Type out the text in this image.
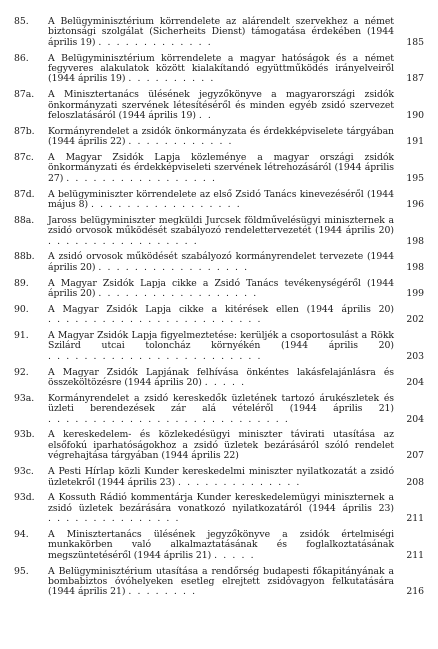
85.	A Belügyminisztérium körrendelete az alárendelt szervekhez a német biztonsági szolgálat (Sicherheits Dienst) támogatása érdekében (1944 április 19) . . . . . . . . . . . . .	185
86.	A Belügyminisztérium körrendelete a magyar hatóságok és a német fegyveres alakulatok között kialakítandó együttműködés irányelveiről (1944 április 19) . . . . . . . . . .	187
87a.	A Minisztertanács ülésének jegyzőkönyve a magyarországi zsidók önkormányzati szervének létesítéséről és minden egyéb zsidó szervezet feloszlatásáról (1944 április 19) . .	190
87b.	Kormányrendelet a zsidók önkormányzata és érdekképviselete tárgyában (1944 április 22) . . . . . . . . . . . .	191
87c.	A Magyar Zsidók Lapja közleménye a magyar országi zsidók önkormányzati és érdekképviseleti szervének létrehozásáról (1944 április 27) . . . . . . . . . . . . . . . . .	195
87d.	A belügyminiszter körrendelete az első Zsidó Tanács kinevezéséről (1944 május 8) . . . . . . . . . . . . . . . . .	196
88a.	Jaross belügyminiszter megküldi Jurcsek földművelésügyi miniszternek a zsidó orvosok működését szabályozó rendelettervezetét (1944 április 20) . . . . . . . . . . . . . . . . .	198
88b.	A zsidó orvosok működését szabályozó kormányrendelet tervezete (1944 április 20) . . . . . . . . . . . . . . . . .	198
89.	A Magyar Zsidók Lapja cikke a Zsidó Tanács tevékenységéről (1944 április 20) . . . . . . . . . . . . . . . . . .	199
90.	A Magyar Zsidók Lapja cikke a kitérések ellen (1944 április 20) . . . . . . . . . . . . . . . . . . . . . . . .	202
91.	A Magyar Zsidók Lapja figyelmeztetése: kerüljék a csoportosulást a Rökk Szilárd utcai toloncház környékén (1944 április 20) . . . . . . . . . . . . . . . . . . . . . . . .	203
92.	A Magyar Zsidók Lapjának felhívása önkéntes lakásfelajánlásra és összeköltözésre (1944 április 20) . . . . .	204
93a.	Kormányrendelet a zsidó kereskedők üzletének tartozó árukészletek és üzleti berendezések zár alá vételéről (1944 április 21) . . . . . . . . . . . . . . . . . . . . . . . . . . .	204
93b.	A kereskedelem- és közlekedésügyi miniszter távirati utasítása az elsőfokú iparhatóságokhoz a zsidó üzletek bezárásáról szóló rendelet végrehajtása tárgyában (1944 április 22)	207
93c.	A Pesti Hírlap közli Kunder kereskedelmi miniszter nyilatkozatát a zsidó üzletekről (1944 április 23) . . . . . . . . . . . . . .	208
93d.	A Kossuth Rádió kommentárja Kunder kereskedelemügyi miniszternek a zsidó üzletek bezárására vonatkozó nyilatkozatáról (1944 április 23) . . . . . . . . . . . . . . .	211
94.	A Minisztertanács ülésének jegyzőkönyve a zsidók értelmiségi munkakörben való alkalmaztatásának és foglalkoztatásának megszüntetéséről (1944 április 21) . . . . .	211
95.	A Belügyminisztérium utasítása a rendőrség budapesti főkapitányának a bombabiztos óvóhelyeken esetleg elrejtett zsidóvagyon felkutatására (1944 április 21) . . . . . . . .	216
